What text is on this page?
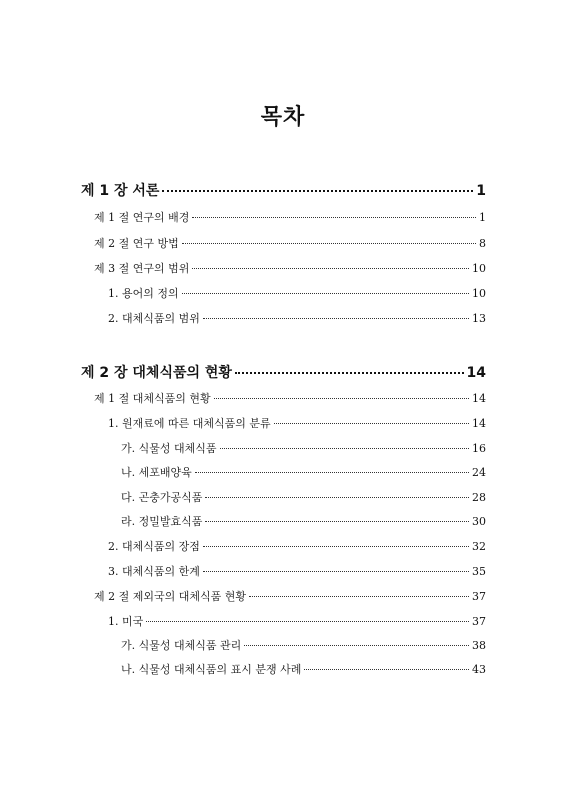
목차
제 1 장 서론	1
제 1 절 연구의 배경	1
제 2 절 연구 방법	8
제 3 절 연구의 범위	10
1. 용어의 정의	10
2. 대체식품의 범위	13
제 2 장 대체식품의 현황	14
제 1 절 대체식품의 현황	14
1. 원재료에 따른 대체식품의 분류	14
가. 식물성 대체식품	16
나. 세포배양육	24
다. 곤충가공식품	28
라. 정밀발효식품	30
2. 대체식품의 장점	32
3. 대체식품의 한계	35
제 2 절 제외국의 대체식품 현황	37
1. 미국	37
가. 식물성 대체식품 관리	38
나. 식물성 대체식품의 표시 분쟁 사례	43
